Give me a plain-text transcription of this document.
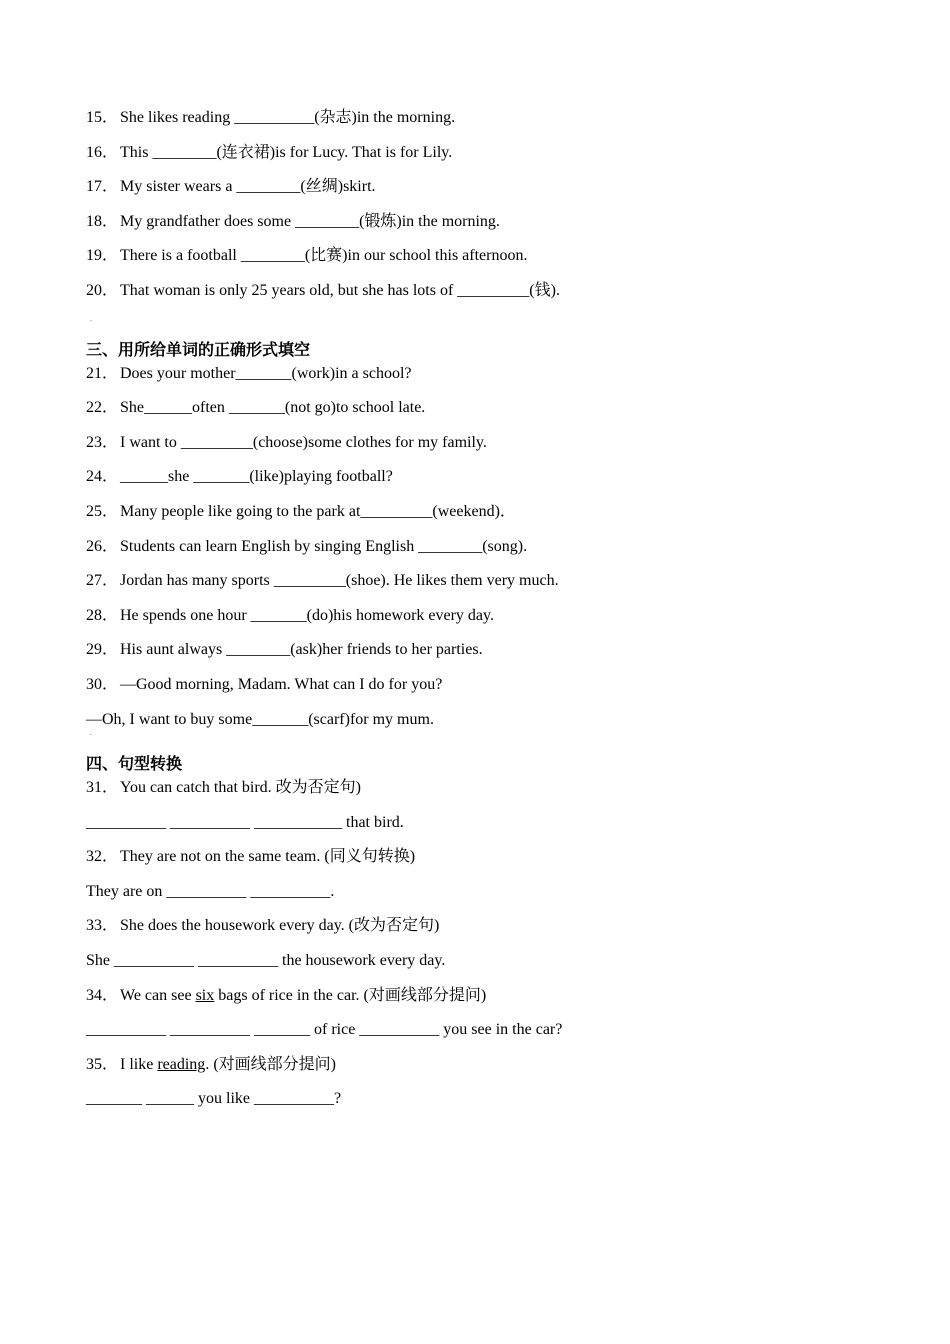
15． She likes reading __________(杂志)in the morning.
16． This ________(连衣裙)is for Lucy. That is for Lily.
17． My sister wears a ________(丝绸)skirt.
18． My grandfather does some ________(锻炼)in the morning.
19． There is a football ________(比赛)in our school this afternoon.
20． That woman is only 25 years old, but she has lots of _________(钱).
·
三、用所给单词的正确形式填空
21． Does your mother_______(work)in a school?
22． She______often _______(not go)to school late.
23． I want to _________(choose)some clothes for my family.
24． ______she _______(like)playing football?
25． Many people like going to the park at_________(weekend)．
26． Students can learn English by singing English ________(song).
27． Jordan has many sports _________(shoe). He likes them very much.
28． He spends one hour _______(do)his homework every day.
29． His aunt always ________(ask)her friends to her parties.
30． —Good morning, Madam. What can I do for you?
—Oh, I want to buy some_______(scarf)for my mum.
·
四、句型转换
31． You can catch that bird. 改为否定句)
__________ __________ ___________ that bird.
32． They are not on the same team. (同义句转换)
They are on __________ __________.
33． She does the housework every day. (改为否定句)
She __________ __________ the housework every day.
34． We can see six bags of rice in the car. (对画线部分提问)
__________ __________ _______ of rice __________ you see in the car?
35． I like reading. (对画线部分提问)
_______ ______ you like __________?
